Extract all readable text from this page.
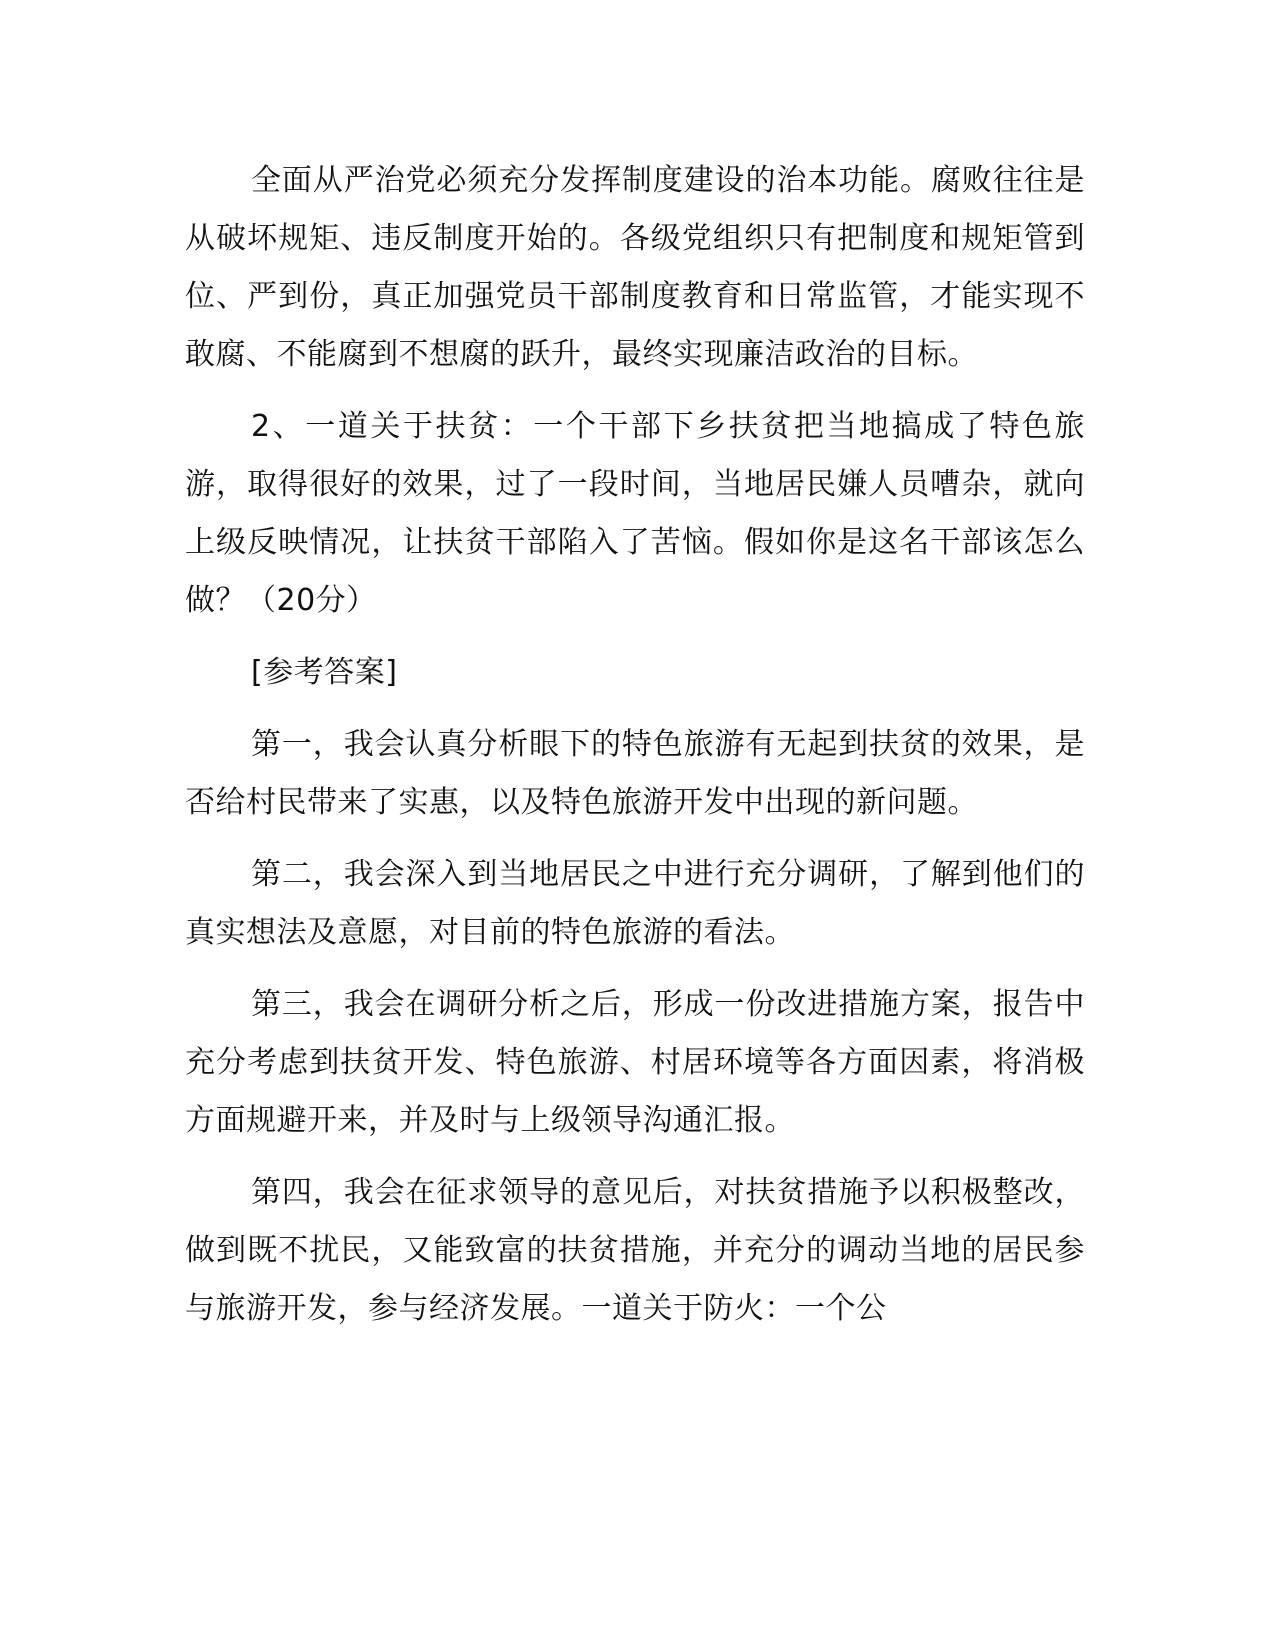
全面从严治党必须充分发挥制度建设的治本功能。腐败往往是从破坏规矩、违反制度开始的。各级党组织只有把制度和规矩管到位、严到份，真正加强党员干部制度教育和日常监管，才能实现不敢腐、不能腐到不想腐的跃升，最终实现廉洁政治的目标。

2、一道关于扶贫：一个干部下乡扶贫把当地搞成了特色旅游，取得很好的效果，过了一段时间，当地居民嫌人员嘈杂，就向上级反映情况，让扶贫干部陷入了苦恼。假如你是这名干部该怎么做？（20分）

[参考答案]

第一，我会认真分析眼下的特色旅游有无起到扶贫的效果，是否给村民带来了实惠，以及特色旅游开发中出现的新问题。

第二，我会深入到当地居民之中进行充分调研，了解到他们的真实想法及意愿，对目前的特色旅游的看法。

第三，我会在调研分析之后，形成一份改进措施方案，报告中充分考虑到扶贫开发、特色旅游、村居环境等各方面因素，将消极方面规避开来，并及时与上级领导沟通汇报。

第四，我会在征求领导的意见后，对扶贫措施予以积极整改，做到既不扰民，又能致富的扶贫措施，并充分的调动当地的居民参与旅游开发，参与经济发展。一道关于防火：一个公
